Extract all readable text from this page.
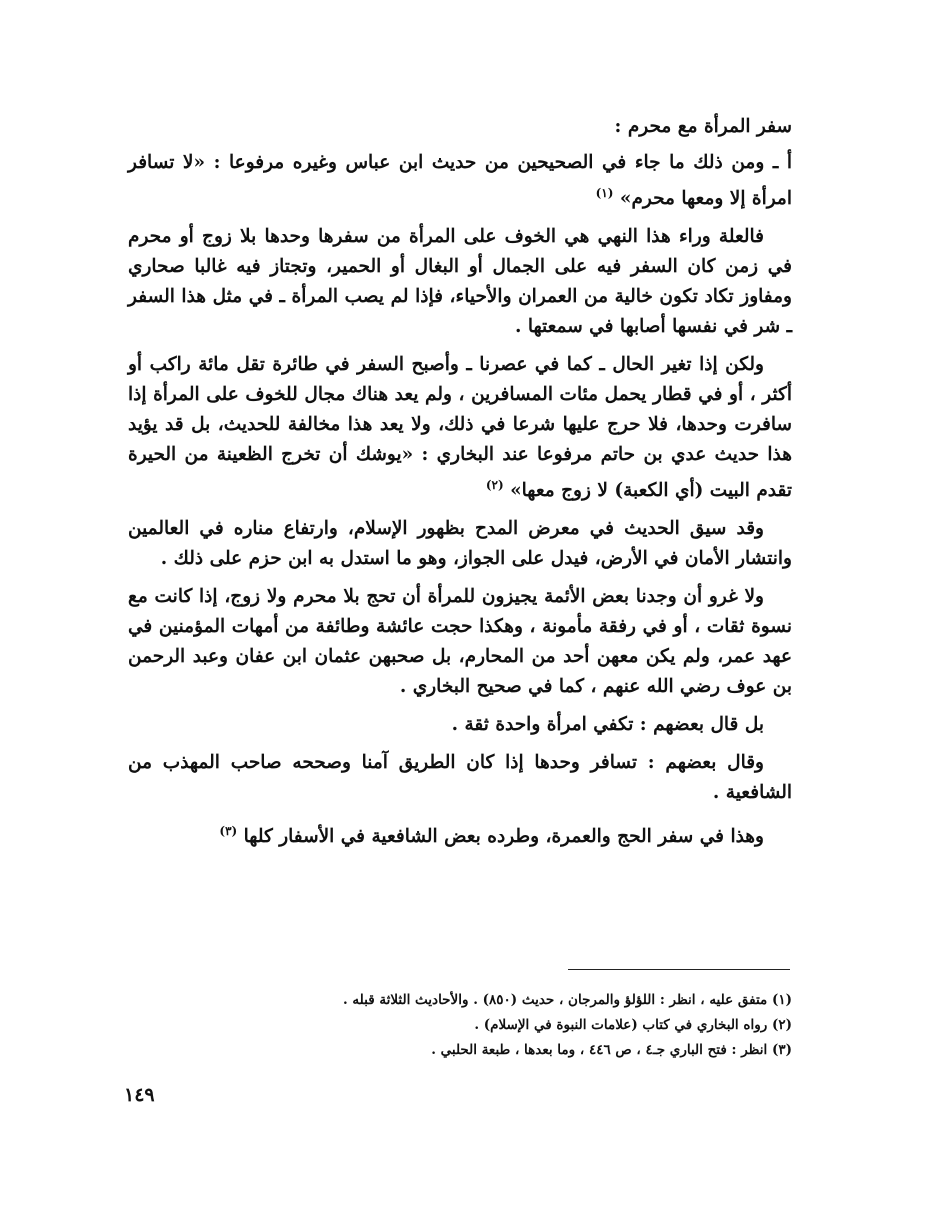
سفر المرأة مع محرم :

أ ـ ومن ذلك ما جاء في الصحيحين من حديث ابن عباس وغيره مرفوعا : «لا تسافر امرأة إلا ومعها محرم» $^{(١)}$

فالعلة وراء هذا النهي هي الخوف على المرأة من سفرها وحدها بلا زوج أو محرم في زمن كان السفر فيه على الجمال أو البغال أو الحمير، وتجتاز فيه غالبا صحاري ومفاوز تكاد تكون خالية من العمران والأحياء، فإذا لم يصب المرأة ـ في مثل هذا السفر ـ شر في نفسها أصابها في سمعتها .

ولكن إذا تغير الحال ـ كما في عصرنا ـ وأصبح السفر في طائرة تقل مائة راكب أو أكثر ، أو في قطار يحمل مئات المسافرين ، ولم يعد هناك مجال للخوف على المرأة إذا سافرت وحدها، فلا حرج عليها شرعا في ذلك، ولا يعد هذا مخالفة للحديث، بل قد يؤيد هذا حديث عدي بن حاتم مرفوعا عند البخاري : «يوشك أن تخرج الظعينة من الحيرة تقدم البيت (أي الكعبة) لا زوج معها» $^{(٢)}$

وقد سيق الحديث في معرض المدح بظهور الإسلام، وارتفاع مناره في العالمين وانتشار الأمان في الأرض، فيدل على الجواز، وهو ما استدل به ابن حزم على ذلك .

ولا غرو أن وجدنا بعض الأئمة يجيزون للمرأة أن تحج بلا محرم ولا زوج، إذا كانت مع نسوة ثقات ، أو في رفقة مأمونة ، وهكذا حجت عائشة وطائفة من أمهات المؤمنين في عهد عمر، ولم يكن معهن أحد من المحارم، بل صحبهن عثمان ابن عفان وعبد الرحمن بن عوف رضي الله عنهم ، كما في صحيح البخاري .

بل قال بعضهم : تكفي امرأة واحدة ثقة .

وقال بعضهم : تسافر وحدها إذا كان الطريق آمنا وصححه صاحب المهذب من الشافعية .

وهذا في سفر الحج والعمرة، وطرده بعض الشافعية في الأسفار كلها $^{(٣)}$

(١) متفق عليه ، انظر : اللؤلؤ والمرجان ، حديث (٨٥٠) . والأحاديث الثلاثة قبله .

(٢) رواه البخاري في كتاب (علامات النبوة في الإسلام) .

(٣) انظر : فتح الباري جـ٤ ، ص ٤٤٦ ، وما بعدها ، طبعة الحلبي .

١٤٩
